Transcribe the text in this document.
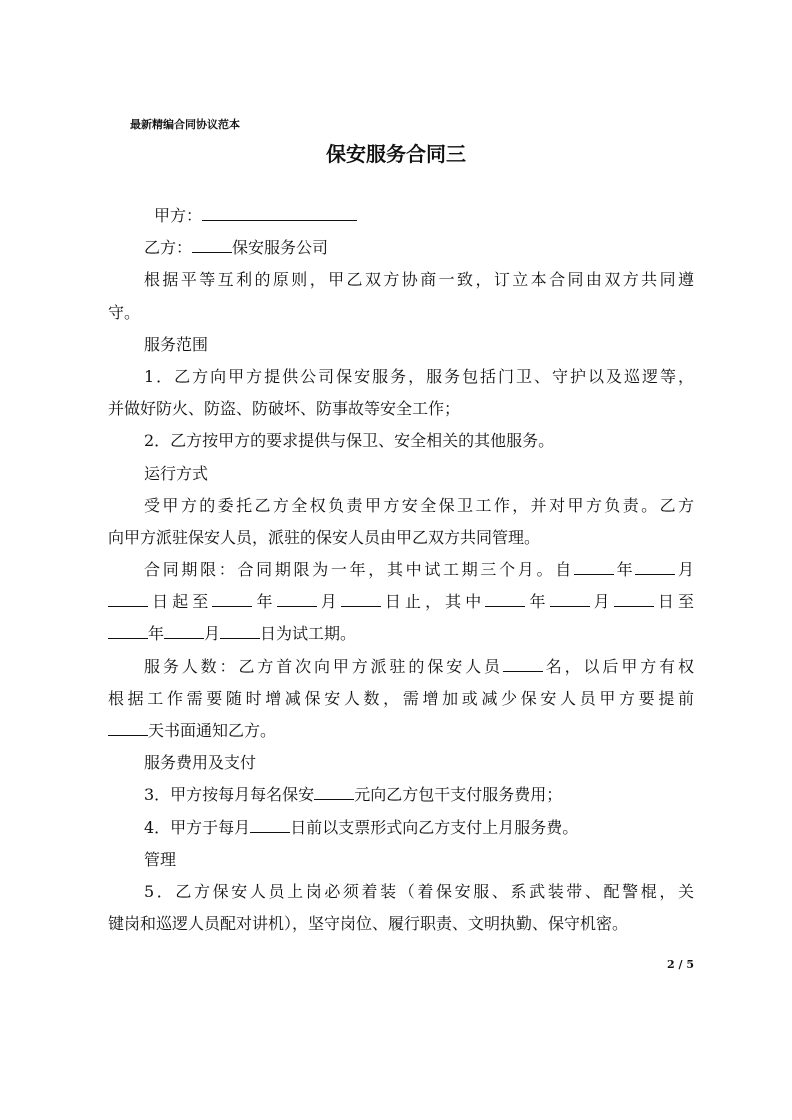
最新精编合同协议范本
保安服务合同三
甲方：
乙方：	保安服务公司
根据平等互利的原则，甲乙双方协商一致，订立本合同由双方共同遵
守。
服务范围
1．乙方向甲方提供公司保安服务，服务包括门卫、守护以及巡逻等，
并做好防火、防盗、防破坏、防事故等安全工作；
2．乙方按甲方的要求提供与保卫、安全相关的其他服务。
运行方式
受甲方的委托乙方全权负责甲方安全保卫工作，并对甲方负责。乙方
向甲方派驻保安人员，派驻的保安人员由甲乙双方共同管理。
合同期限：合同期限为一年，其中试工期三个月。自	年	月
日起至	年	月	日止，其中	年	月	日至
年	月	日为试工期。
服务人数：乙方首次向甲方派驻的保安人员	名，以后甲方有权
根据工作需要随时增减保安人数，需增加或减少保安人员甲方要提前
天书面通知乙方。
服务费用及支付
3．甲方按每月每名保安	元向乙方包干支付服务费用；
4．甲方于每月	日前以支票形式向乙方支付上月服务费。
管理
5．乙方保安人员上岗必须着装（着保安服、系武装带、配警棍，关
键岗和巡逻人员配对讲机），坚守岗位、履行职责、文明执勤、保守机密。
2 / 5
